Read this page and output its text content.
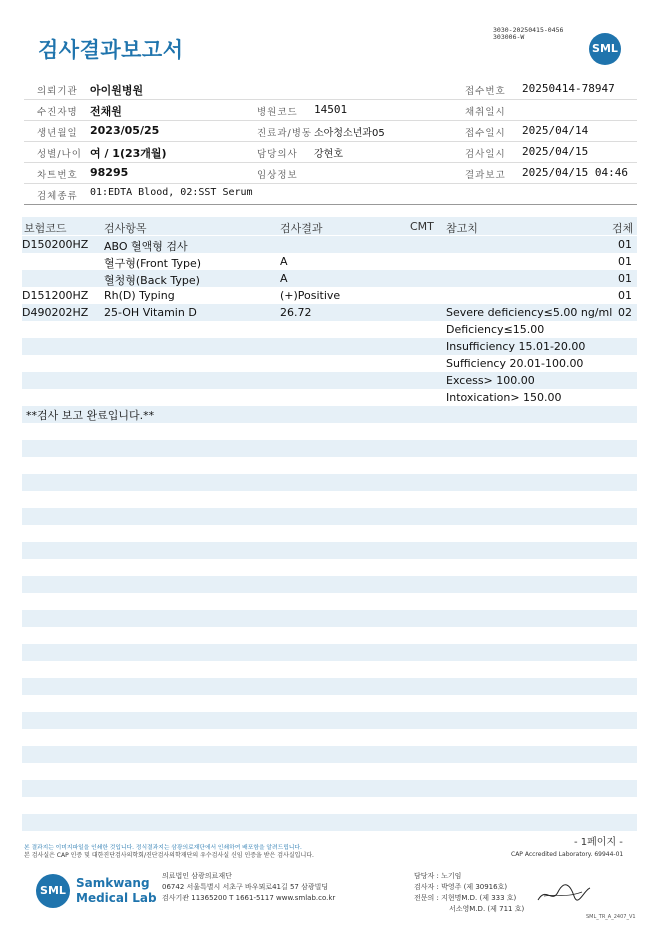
검사결과보고서
3030-20250415-0456
303006-W
SML
의뢰기관 아이원병원	접수번호 20250414-78947
수진자명 전채원	병원코드 14501	채취일시
생년월일 2023/05/25	진료과/병동 소아청소년과05	접수일시 2025/04/14
성별/나이 여 / 1(23개월)	담당의사 강현호	검사일시 2025/04/15
차트번호 98295	임상정보	결과보고 2025/04/15 04:46
검체종류 01:EDTA Blood, 02:SST Serum
보험코드	검사항목	검사결과	CMT 참고치	검체
D150200HZ ABO 혈액형 검사	01
혈구형(Front Type)	A	01
혈청형(Back Type)	A	01
D151200HZ Rh(D) Typing	(+)Positive	01
D490202HZ 25-OH Vitamin D	26.72	Severe deficiency≤5.00 ng/ml 02
Deficiency≤15.00
Insufficiency 15.01-20.00
Sufficiency 20.01-100.00
Excess> 100.00
Intoxication> 150.00
**검사 보고 완료입니다.**
본 결과지는 이미지파일을 인쇄한 것입니다. 정식결과지는 삼광의료재단에서 인쇄하여 배포함을 알려드립니다.
본 검사실은 CAP 인증 및 대한진단검사의학회/진단검사의학재단의 우수검사실 신임 인증을 받은 검사실입니다.
- 1페이지 -
CAP Accredited Laboratory. 69944-01
SML
Samkwang
Medical Lab
의료법인 삼광의료재단
06742 서울특별시 서초구 바우뫼로41길 57 삼광빌딩
검사기관 11365200 T 1661-5117 www.smlab.co.kr
담당자 : 노기임
검사자 : 박영주 (제 30916호)
전문의 : 지현명M.D. (제 333 호)
서소영M.D. (제 711 호)
SML_TR_A_2407_V1
